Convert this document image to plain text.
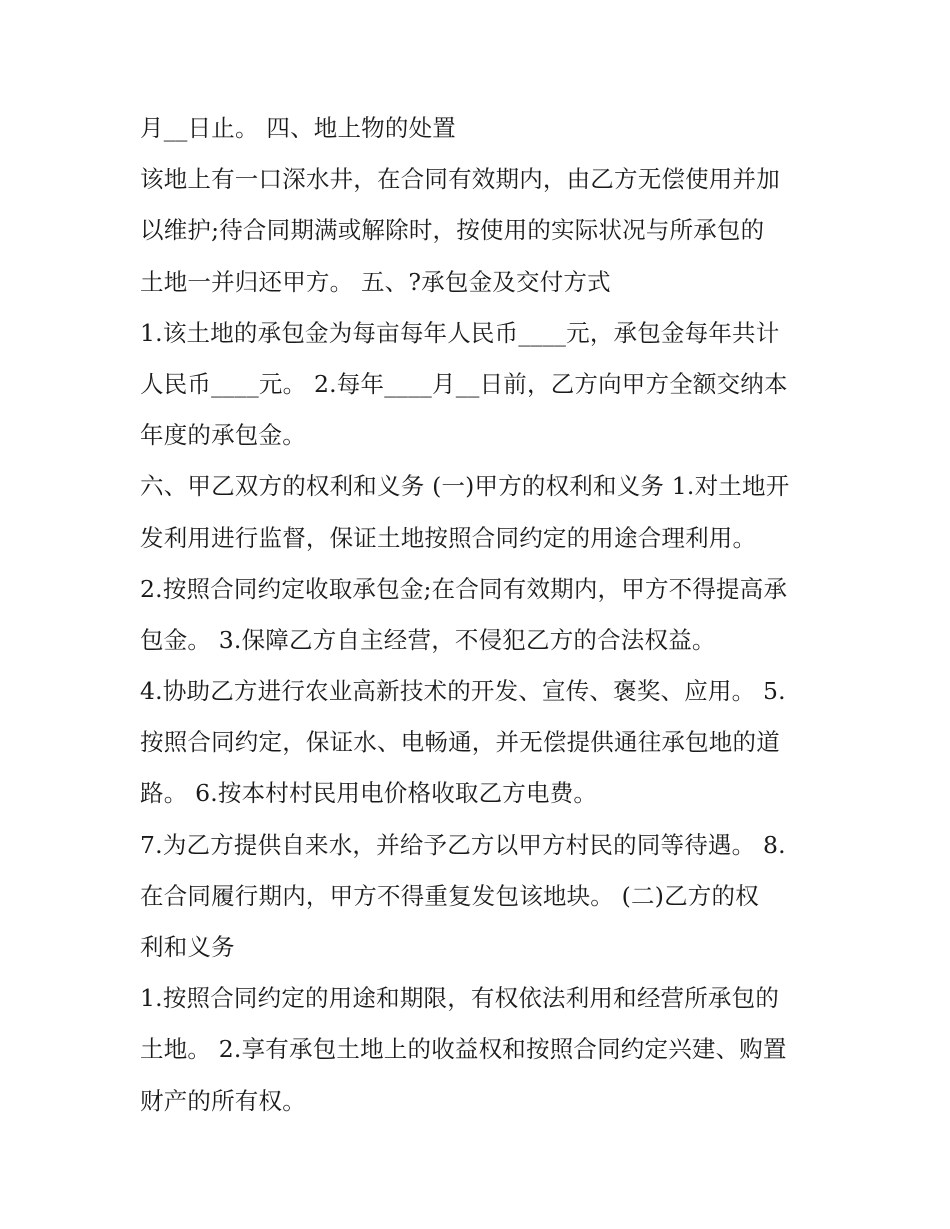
月__日止。 四、地上物的处置
该地上有一口深水井，在合同有效期内，由乙方无偿使用并加
以维护;待合同期满或解除时，按使用的实际状况与所承包的
土地一并归还甲方。 五、?承包金及交付方式
1.该土地的承包金为每亩每年人民币____元，承包金每年共计
人民币____元。 2.每年____月__日前，乙方向甲方全额交纳本
年度的承包金。
六、甲乙双方的权利和义务 (一)甲方的权利和义务 1.对土地开
发利用进行监督，保证土地按照合同约定的用途合理利用。
2.按照合同约定收取承包金;在合同有效期内，甲方不得提高承
包金。 3.保障乙方自主经营，不侵犯乙方的合法权益。
4.协助乙方进行农业高新技术的开发、宣传、褒奖、应用。 5.
按照合同约定，保证水、电畅通，并无偿提供通往承包地的道
路。 6.按本村村民用电价格收取乙方电费。
7.为乙方提供自来水，并给予乙方以甲方村民的同等待遇。 8.
在合同履行期内，甲方不得重复发包该地块。 (二)乙方的权
利和义务
1.按照合同约定的用途和期限，有权依法利用和经营所承包的
土地。 2.享有承包土地上的收益权和按照合同约定兴建、购置
财产的所有权。
